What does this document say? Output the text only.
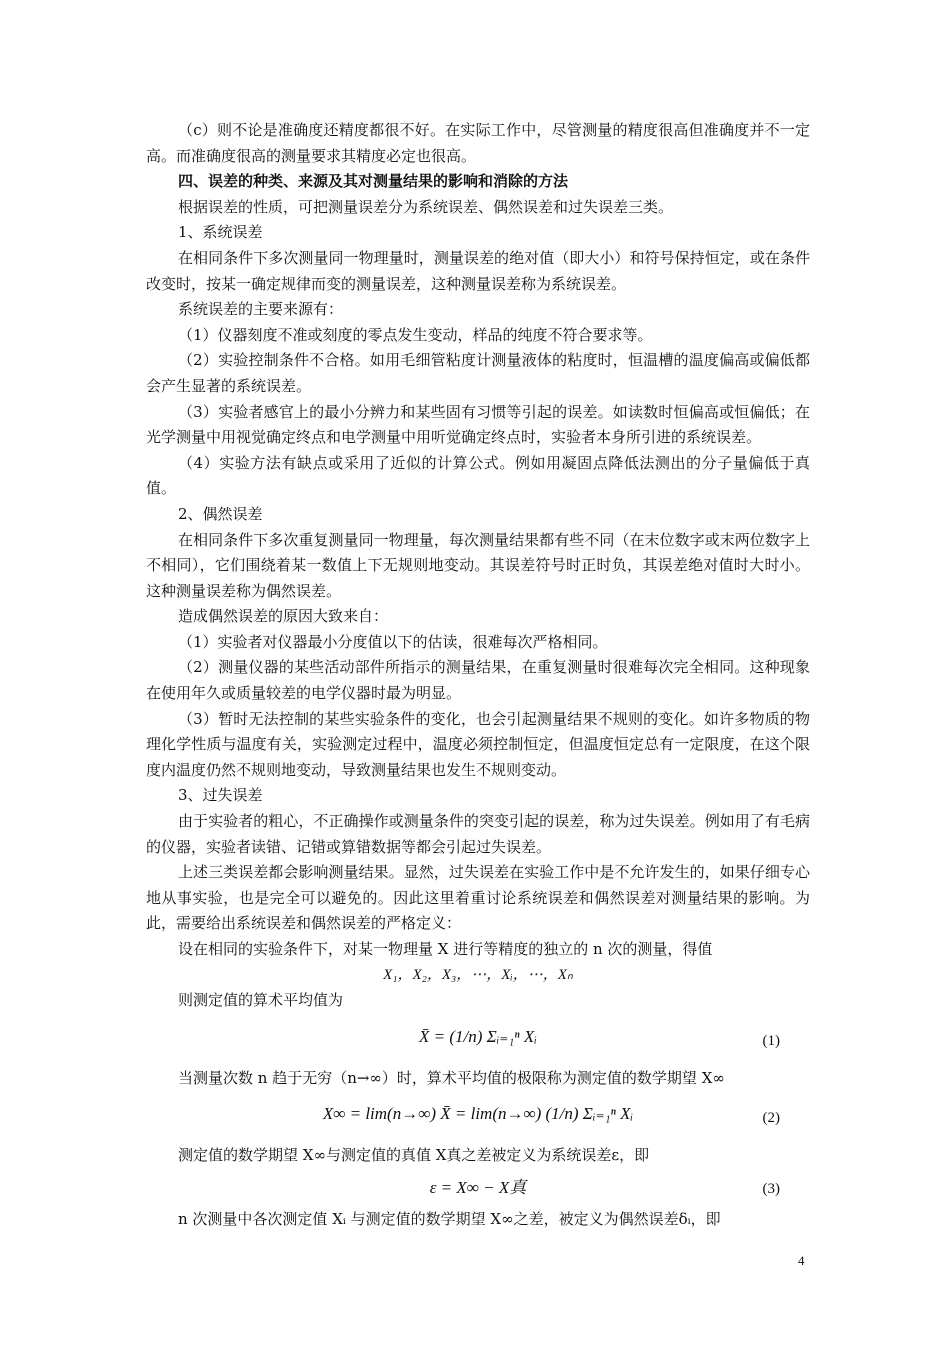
（c）则不论是准确度还精度都很不好。在实际工作中，尽管测量的精度很高但准确度并不一定高。而准确度很高的测量要求其精度必定也很高。

四、误差的种类、来源及其对测量结果的影响和消除的方法

根据误差的性质，可把测量误差分为系统误差、偶然误差和过失误差三类。

1、系统误差

在相同条件下多次测量同一物理量时，测量误差的绝对值（即大小）和符号保持恒定，或在条件改变时，按某一确定规律而变的测量误差，这种测量误差称为系统误差。

系统误差的主要来源有：

（1）仪器刻度不准或刻度的零点发生变动，样品的纯度不符合要求等。

（2）实验控制条件不合格。如用毛细管粘度计测量液体的粘度时，恒温槽的温度偏高或偏低都会产生显著的系统误差。

（3）实验者感官上的最小分辨力和某些固有习惯等引起的误差。如读数时恒偏高或恒偏低；在光学测量中用视觉确定终点和电学测量中用听觉确定终点时，实验者本身所引进的系统误差。

（4）实验方法有缺点或采用了近似的计算公式。例如用凝固点降低法测出的分子量偏低于真值。

2、偶然误差

在相同条件下多次重复测量同一物理量，每次测量结果都有些不同（在末位数字或末两位数字上不相同），它们围绕着某一数值上下无规则地变动。其误差符号时正时负，其误差绝对值时大时小。这种测量误差称为偶然误差。

造成偶然误差的原因大致来自：

（1）实验者对仪器最小分度值以下的估读，很难每次严格相同。

（2）测量仪器的某些活动部件所指示的测量结果，在重复测量时很难每次完全相同。这种现象在使用年久或质量较差的电学仪器时最为明显。

（3）暂时无法控制的某些实验条件的变化，也会引起测量结果不规则的变化。如许多物质的物理化学性质与温度有关，实验测定过程中，温度必须控制恒定，但温度恒定总有一定限度，在这个限度内温度仍然不规则地变动，导致测量结果也发生不规则变动。

3、过失误差

由于实验者的粗心，不正确操作或测量条件的突变引起的误差，称为过失误差。例如用了有毛病的仪器，实验者读错、记错或算错数据等都会引起过失误差。

上述三类误差都会影响测量结果。显然，过失误差在实验工作中是不允许发生的，如果仔细专心地从事实验，也是完全可以避免的。因此这里着重讨论系统误差和偶然误差对测量结果的影响。为此，需要给出系统误差和偶然误差的严格定义：

设在相同的实验条件下，对某一物理量 X 进行等精度的独立的 n 次的测量，得值

X₁，X₂，X₃，⋯，Xᵢ，⋯，Xₙ

则测定值的算术平均值为

X̄ = (1/n) Σᵢ₌₁ⁿ Xᵢ	(1)

当测量次数 n 趋于无穷（n→∞）时，算术平均值的极限称为测定值的数学期望 X∞

X∞ = lim(n→∞) X̄ = lim(n→∞) (1/n) Σᵢ₌₁ⁿ Xᵢ	(2)

测定值的数学期望 X∞与测定值的真值 X真之差被定义为系统误差ε，即

ε = X∞ − X真	(3)

n 次测量中各次测定值 Xᵢ 与测定值的数学期望 X∞之差，被定义为偶然误差δᵢ，即

4
